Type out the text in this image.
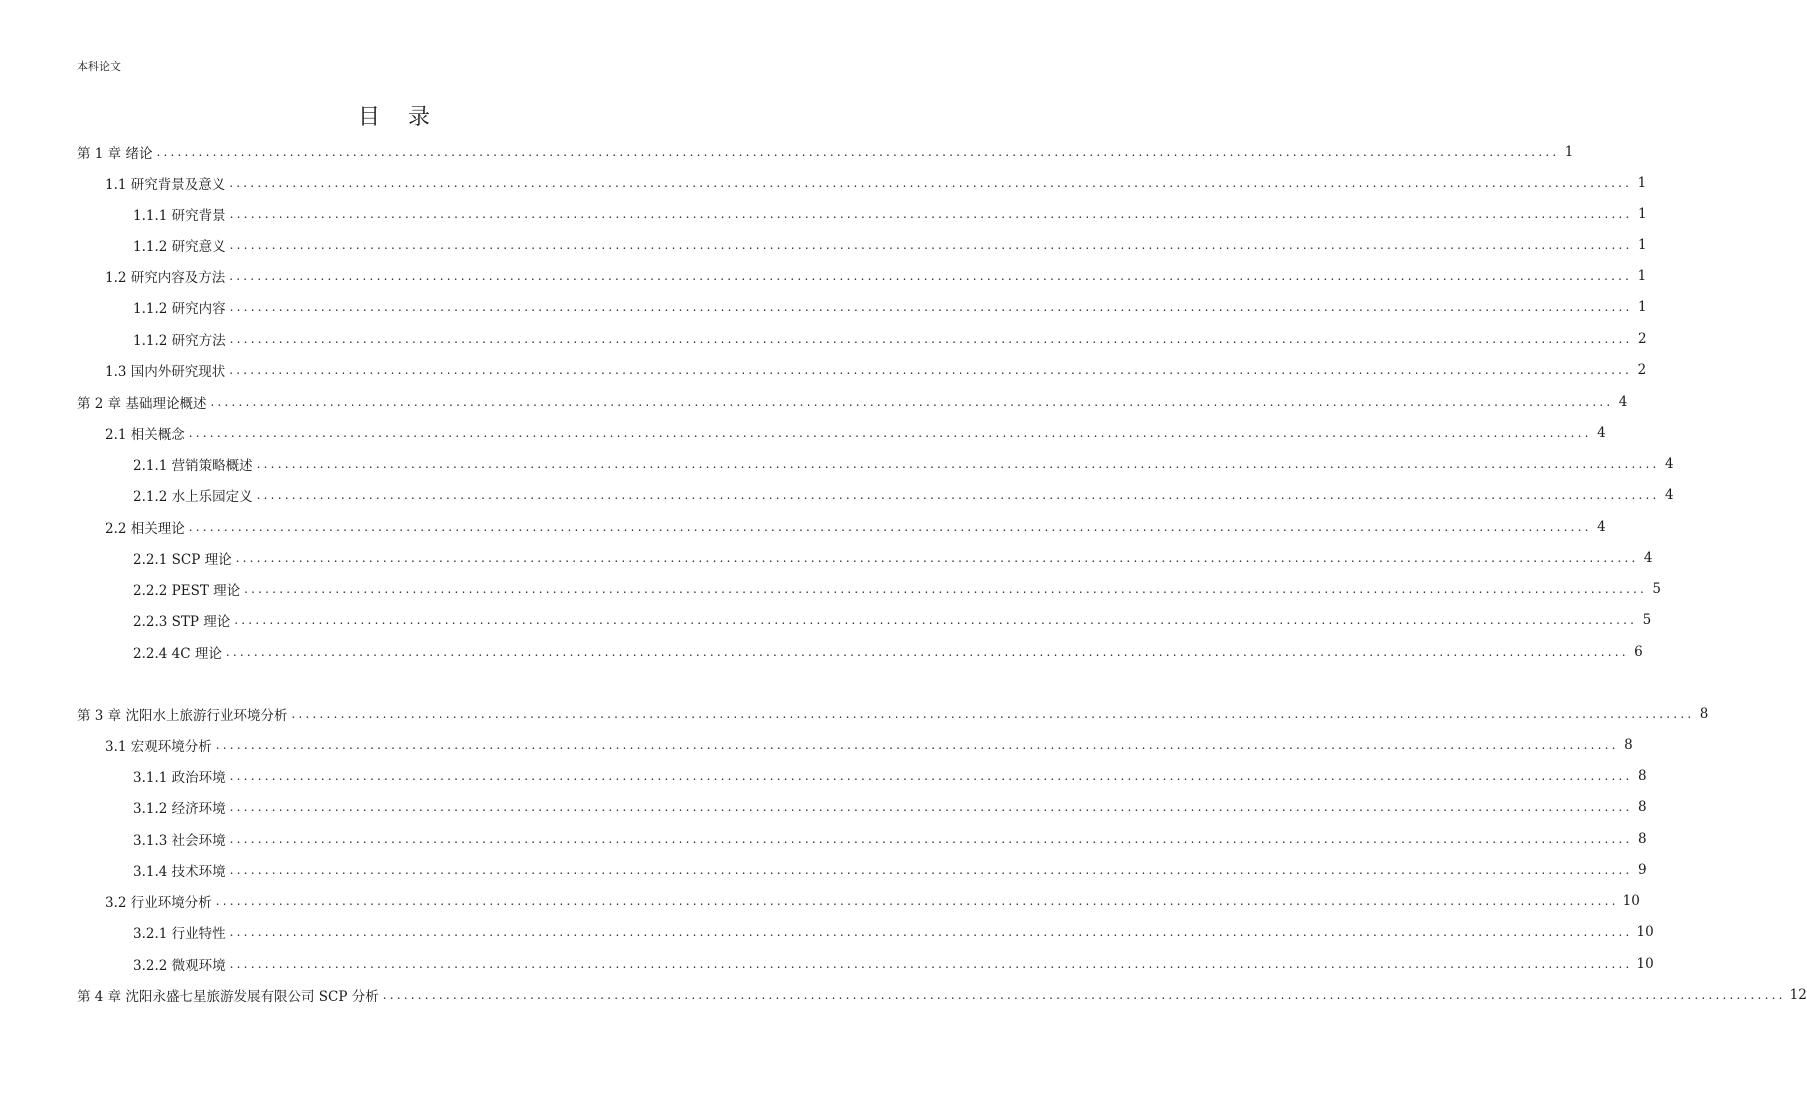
本科论文
目 录
第 1 章 绪论 ........................................................................................................................................................................................................ 1
1.1 研究背景及意义 ........................................................................................................................................................................................................ 1
1.1.1 研究背景 ........................................................................................................................................................................................................ 1
1.1.2 研究意义 ........................................................................................................................................................................................................ 1
1.2 研究内容及方法 ........................................................................................................................................................................................................ 1
1.1.2 研究内容 ........................................................................................................................................................................................................ 1
1.1.2 研究方法 ........................................................................................................................................................................................................ 2
1.3 国内外研究现状 ........................................................................................................................................................................................................ 2
第 2 章 基础理论概述 ........................................................................................................................................................................................................ 4
2.1 相关概念 ........................................................................................................................................................................................................ 4
2.1.1 营销策略概述 ........................................................................................................................................................................................................ 4
2.1.2 水上乐园定义 ........................................................................................................................................................................................................ 4
2.2 相关理论 ........................................................................................................................................................................................................ 4
2.2.1 SCP 理论 ........................................................................................................................................................................................................ 4
2.2.2 PEST 理论 ........................................................................................................................................................................................................ 5
2.2.3 STP 理论 ........................................................................................................................................................................................................ 5
2.2.4 4C 理论 ........................................................................................................................................................................................................ 6
第 3 章 沈阳水上旅游行业环境分析 ........................................................................................................................................................................................................ 8
3.1 宏观环境分析 ........................................................................................................................................................................................................ 8
3.1.1 政治环境 ........................................................................................................................................................................................................ 8
3.1.2 经济环境 ........................................................................................................................................................................................................ 8
3.1.3 社会环境 ........................................................................................................................................................................................................ 8
3.1.4 技术环境 ........................................................................................................................................................................................................ 9
3.2 行业环境分析 ........................................................................................................................................................................................................ 10
3.2.1 行业特性 ........................................................................................................................................................................................................ 10
3.2.2 微观环境 ........................................................................................................................................................................................................ 10
第 4 章 沈阳永盛七星旅游发展有限公司 SCP 分析 ........................................................................................................................................................................................................ 12
